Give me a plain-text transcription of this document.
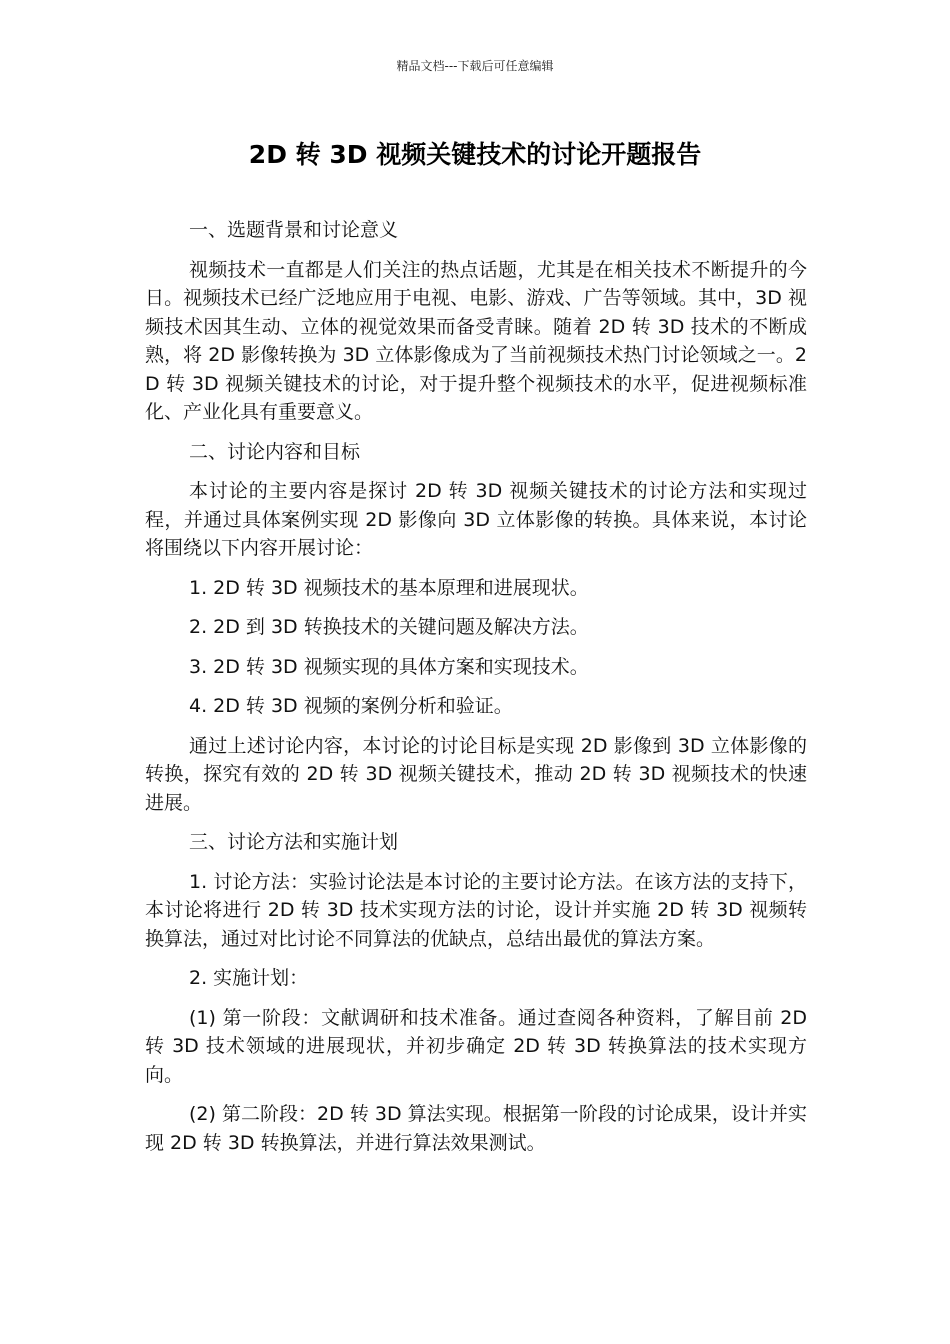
精品文档---下载后可任意编辑
2D 转 3D 视频关键技术的讨论开题报告

一、选题背景和讨论意义

视频技术一直都是人们关注的热点话题，尤其是在相关技术不断提升的今日。视频技术已经广泛地应用于电视、电影、游戏、广告等领域。其中，3D 视频技术因其生动、立体的视觉效果而备受青睐。随着 2D 转 3D 技术的不断成熟，将 2D 影像转换为 3D 立体影像成为了当前视频技术热门讨论领域之一。2D 转 3D 视频关键技术的讨论，对于提升整个视频技术的水平，促进视频标准化、产业化具有重要意义。

二、讨论内容和目标

本讨论的主要内容是探讨 2D 转 3D 视频关键技术的讨论方法和实现过程，并通过具体案例实现 2D 影像向 3D 立体影像的转换。具体来说，本讨论将围绕以下内容开展讨论：

1. 2D 转 3D 视频技术的基本原理和进展现状。

2. 2D 到 3D 转换技术的关键问题及解决方法。

3. 2D 转 3D 视频实现的具体方案和实现技术。

4. 2D 转 3D 视频的案例分析和验证。

通过上述讨论内容，本讨论的讨论目标是实现 2D 影像到 3D 立体影像的转换，探究有效的 2D 转 3D 视频关键技术，推动 2D 转 3D 视频技术的快速进展。

三、讨论方法和实施计划

1. 讨论方法：实验讨论法是本讨论的主要讨论方法。在该方法的支持下，本讨论将进行 2D 转 3D 技术实现方法的讨论，设计并实施 2D 转 3D 视频转换算法，通过对比讨论不同算法的优缺点，总结出最优的算法方案。

2. 实施计划：

(1) 第一阶段：文献调研和技术准备。通过查阅各种资料，了解目前 2D 转 3D 技术领域的进展现状，并初步确定 2D 转 3D 转换算法的技术实现方向。

(2) 第二阶段：2D 转 3D 算法实现。根据第一阶段的讨论成果，设计并实现 2D 转 3D 转换算法，并进行算法效果测试。
